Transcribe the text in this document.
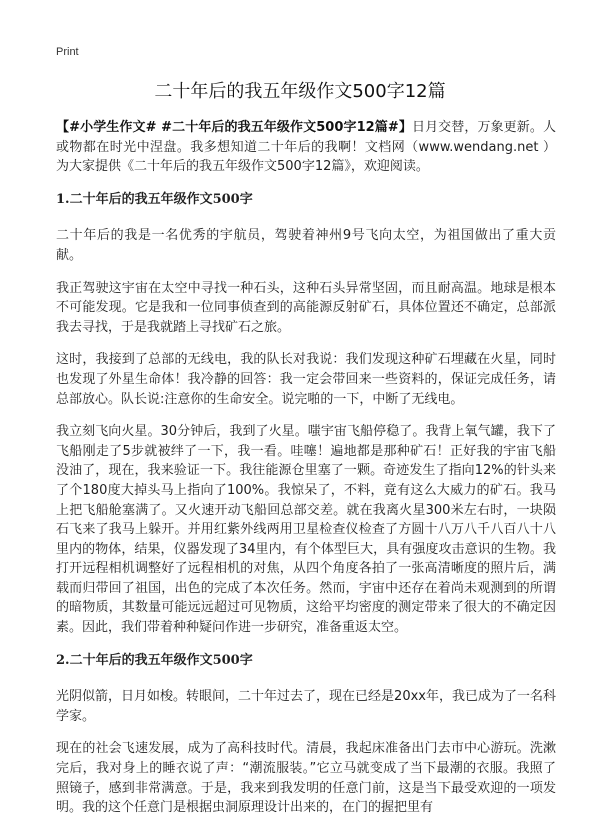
Print
二十年后的我五年级作文500字12篇

【#小学生作文# #二十年后的我五年级作文500字12篇#】日月交替，万象更新。人或物都在时光中涅盘。我多想知道二十年后的我啊！文档网（www.wendang.net ）为大家提供《二十年后的我五年级作文500字12篇》，欢迎阅读。

1.二十年后的我五年级作文500字

二十年后的我是一名优秀的宇航员，驾驶着神州9号飞向太空，为祖国做出了重大贡献。

我正驾驶这宇宙在太空中寻找一种石头，这种石头异常坚固，而且耐高温。地球是根本不可能发现。它是我和一位同事侦查到的高能源反射矿石，具体位置还不确定，总部派我去寻找，于是我就踏上寻找矿石之旅。

这时，我接到了总部的无线电，我的队长对我说：我们发现这种矿石埋藏在火星，同时也发现了外星生命体！我冷静的回答：我一定会带回来一些资料的，保证完成任务，请总部放心。队长说:注意你的生命安全。说完啪的一下，中断了无线电。

我立刻飞向火星。30分钟后，我到了火星。嗤宇宙飞船停稳了。我背上氧气罐，我下了飞船刚走了5步就被绊了一下，我一看。哇噻！遍地都是那种矿石！正好我的宇宙飞船没油了，现在，我来验证一下。我往能源仓里塞了一颗。奇迹发生了指向12%的针头来了个180度大掉头马上指向了100%。我惊呆了，不料，竟有这么大威力的矿石。我马上把飞船舱塞满了。又火速开动飞船回总部交差。就在我离火星300米左右时，一块陨石飞来了我马上躲开。并用红紫外线两用卫星检查仪检查了方圆十八万八千八百八十八里内的物体，结果，仪器发现了34里内，有个体型巨大，具有强度攻击意识的生物。我打开远程相机调整好了远程相机的对焦，从四个角度各拍了一张高清晰度的照片后，满载而归带回了祖国，出色的完成了本次任务。然而，宇宙中还存在着尚未观测到的所谓的暗物质，其数量可能远远超过可见物质，这给平均密度的测定带来了很大的不确定因素。因此，我们带着种种疑问作进一步研究，准备重返太空。

2.二十年后的我五年级作文500字

光阴似箭，日月如梭。转眼间，二十年过去了，现在已经是20xx年，我已成为了一名科学家。

现在的社会飞速发展，成为了高科技时代。清晨，我起床准备出门去市中心游玩。洗漱完后，我对身上的睡衣说了声：“潮流服装。”它立马就变成了当下最潮的衣服。我照了照镜子，感到非常满意。于是，我来到我发明的任意门前，这是当下最受欢迎的一项发明。我的这个任意门是根据虫洞原理设计出来的，在门的握把里有
